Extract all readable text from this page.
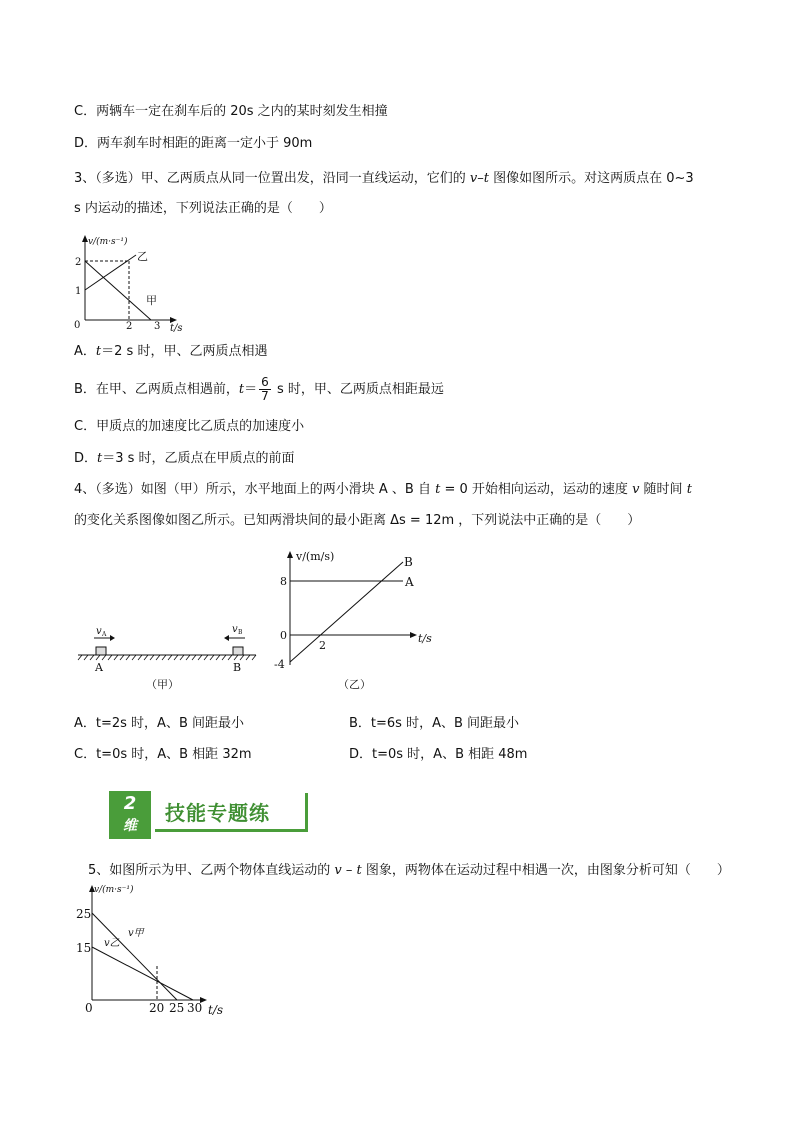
C．两辆车一定在刹车后的 20s 之内的某时刻发生相撞
D．两车刹车时相距的距离一定小于 90m
3、（多选）甲、乙两质点从同一位置出发，沿同一直线运动，它们的 v–t 图像如图所示。对这两质点在 0~3
s 内运动的描述，下列说法正确的是（　　）
v/(m·s⁻¹)
2
1
0	2 3 t/s
乙
甲
A．t＝2 s 时，甲、乙两质点相遇
B．在甲、乙两质点相遇前，$t= \frac{6}{7}$ s 时，甲、乙两质点相距最远
C．甲质点的加速度比乙质点的加速度小
D．t＝3 s 时，乙质点在甲质点的前面
4、（多选）如图（甲）所示，水平地面上的两小滑块 A 、B 自 t = 0 开始相向运动，运动的速度 v 随时间 t
的变化关系图像如图乙所示。已知两滑块间的最小距离 Δs = 12m ，下列说法中正确的是（　　）
v A	v B
A	B
（甲）
v/(m/s)
8
0
-4
2
t/s
A
B
（乙）
A．t=2s 时，A、B 间距最小	B．t=6s 时，A、B 间距最小
C．t=0s 时，A、B 相距 32m	D．t=0s 时，A、B 相距 48m
2
维
技能专题练
5、如图所示为甲、乙两个物体直线运动的 v – t 图象，两物体在运动过程中相遇一次，由图象分析可知（　　）
v/(m·s⁻¹)
25
15
0	20 25 30 t/s
v甲
v乙
